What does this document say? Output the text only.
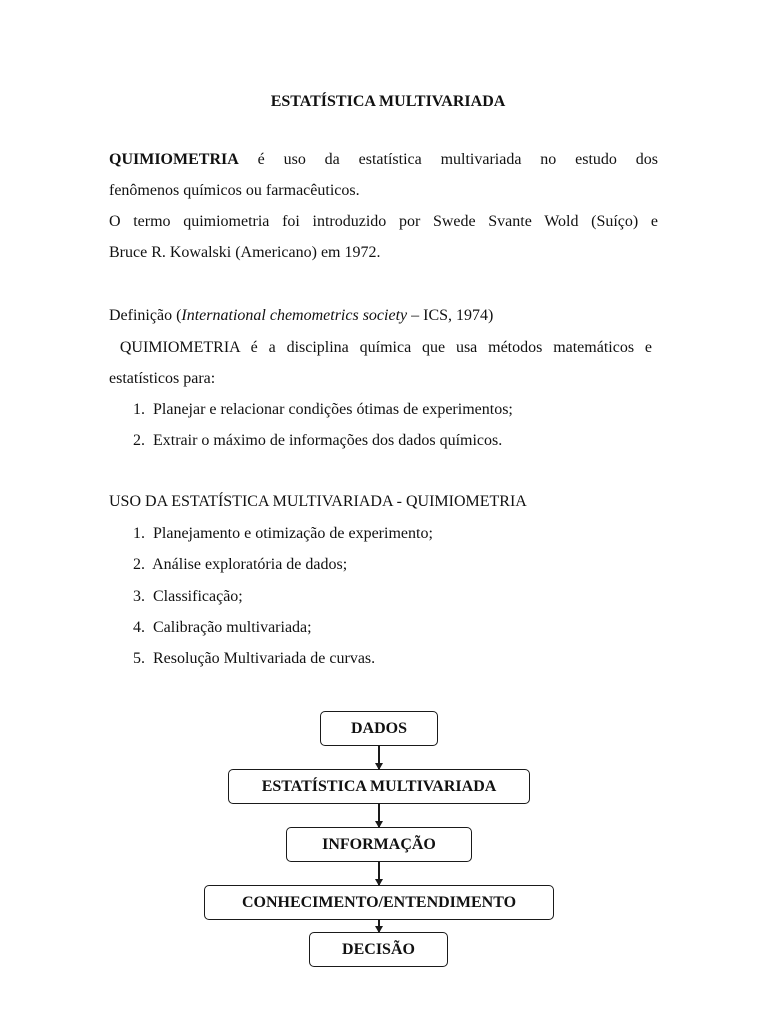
ESTATÍSTICA MULTIVARIADA
QUIMIOMETRIA é uso da estatística multivariada no estudo dos
fenômenos químicos ou farmacêuticos.
O termo quimiometria foi introduzido por Swede Svante Wold (Suíço) e
Bruce R. Kowalski (Americano) em 1972.
Definição (International chemometrics society – ICS, 1974)
QUIMIOMETRIA é a disciplina química que usa métodos matemáticos e
estatísticos para:
1.  Planejar e relacionar condições ótimas de experimentos;
2.  Extrair o máximo de informações dos dados químicos.
USO DA ESTATÍSTICA MULTIVARIADA - QUIMIOMETRIA
1.  Planejamento e otimização de experimento;
2.  Análise exploratória de dados;
3.  Classificação;
4.  Calibração multivariada;
5.  Resolução Multivariada de curvas.
DADOS
ESTATÍSTICA MULTIVARIADA
INFORMAÇÃO
CONHECIMENTO/ENTENDIMENTO
DECISÃO
